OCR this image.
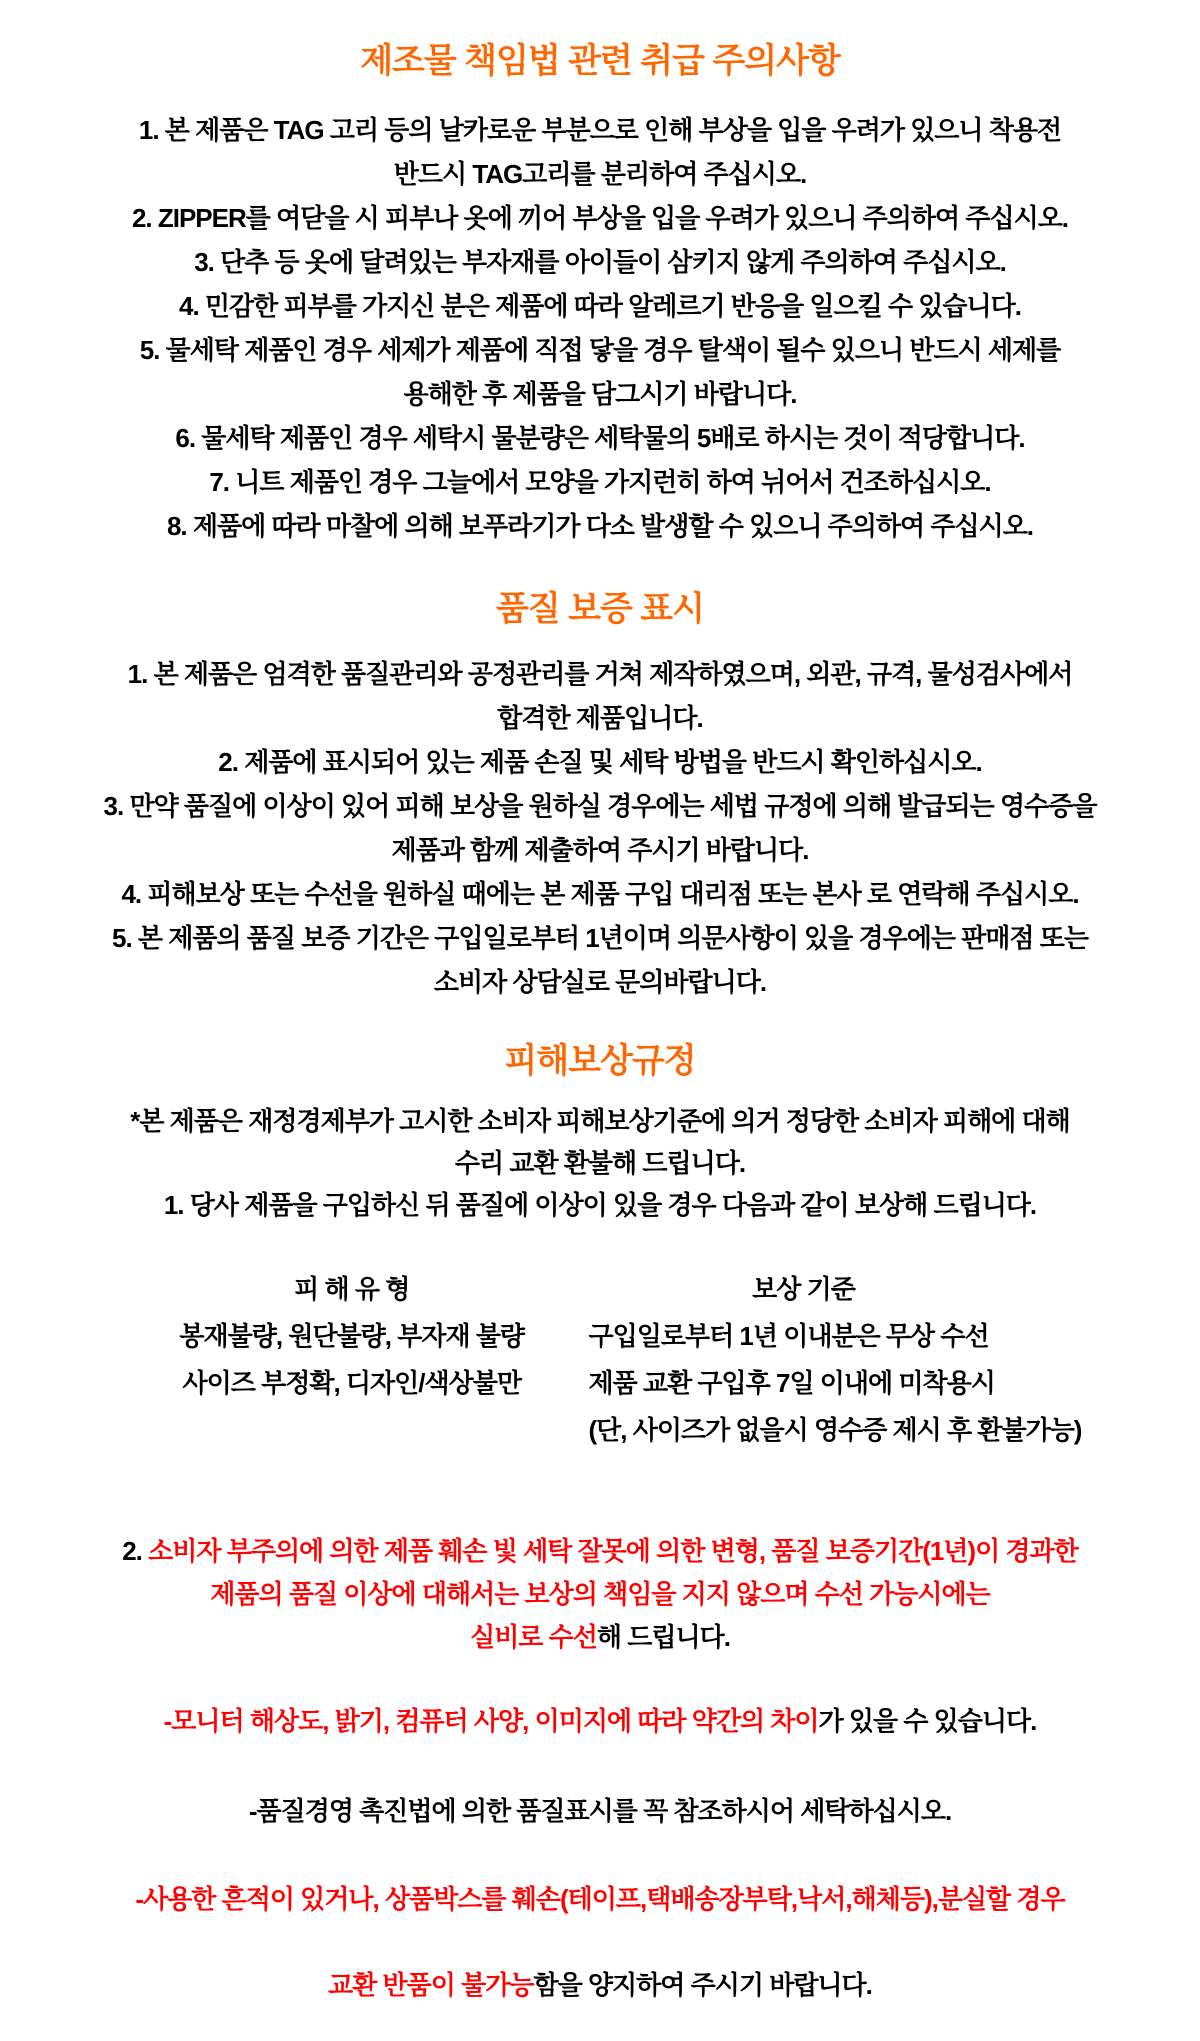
제조물 책임법 관련 취급 주의사항
1. 본 제품은 TAG 고리 등의 날카로운 부분으로 인해 부상을 입을 우려가 있으니 착용전
반드시 TAG고리를 분리하여 주십시오.
2. ZIPPER를 여닫을 시 피부나 옷에 끼어 부상을 입을 우려가 있으니 주의하여 주십시오.
3. 단추 등 옷에 달려있는 부자재를 아이들이 삼키지 않게 주의하여 주십시오.
4. 민감한 피부를 가지신 분은 제품에 따라 알레르기 반응을 일으킬 수 있습니다.
5. 물세탁 제품인 경우 세제가 제품에 직접 닿을 경우 탈색이 될수 있으니 반드시 세제를
용해한 후 제품을 담그시기 바랍니다.
6. 물세탁 제품인 경우 세탁시 물분량은 세탁물의 5배로 하시는 것이 적당합니다.
7. 니트 제품인 경우 그늘에서 모양을 가지런히 하여 뉘어서 건조하십시오.
8. 제품에 따라 마찰에 의해 보푸라기가 다소 발생할 수 있으니 주의하여 주십시오.
품질 보증 표시
1. 본 제품은 엄격한 품질관리와 공정관리를 거쳐 제작하였으며, 외관, 규격, 물성검사에서
합격한 제품입니다.
2. 제품에 표시되어 있는 제품 손질 및 세탁 방법을 반드시 확인하십시오.
3. 만약 품질에 이상이 있어 피해 보상을 원하실 경우에는 세법 규정에 의해 발급되는 영수증을
제품과 함께 제출하여 주시기 바랍니다.
4. 피해보상 또는 수선을 원하실 때에는 본 제품 구입 대리점 또는 본사 로 연락해 주십시오.
5. 본 제품의 품질 보증 기간은 구입일로부터 1년이며 의문사항이 있을 경우에는 판매점 또는
소비자 상담실로 문의바랍니다.
피해보상규정
*본 제품은 재정경제부가 고시한 소비자 피해보상기준에 의거 정당한 소비자 피해에 대해
수리 교환 환불해 드립니다.
1. 당사 제품을 구입하신 뒤 품질에 이상이 있을 경우 다음과 같이 보상해 드립니다.
피 해 유 형
봉재불량, 원단불량, 부자재 불량
사이즈 부정확, 디자인/색상불만
보상 기준
구입일로부터 1년 이내분은 무상 수선
제품 교환 구입후 7일 이내에 미착용시
(단, 사이즈가 없을시 영수증 제시 후 환불가능)
2. 소비자 부주의에 의한 제품 훼손 빛 세탁 잘못에 의한 변형, 품질 보증기간(1년)이 경과한
제품의 품질 이상에 대해서는 보상의 책임을 지지 않으며 수선 가능시에는
실비로 수선해 드립니다.
-모니터 해상도, 밝기, 컴퓨터 사양, 이미지에 따라 약간의 차이가 있을 수 있습니다.
-품질경영 촉진법에 의한 품질표시를 꼭 참조하시어 세탁하십시오.
-사용한 흔적이 있거나, 상품박스를 훼손(테이프,택배송장부탁,낙서,해체등),분실할 경우
교환 반품이 불가능함을 양지하여 주시기 바랍니다.
